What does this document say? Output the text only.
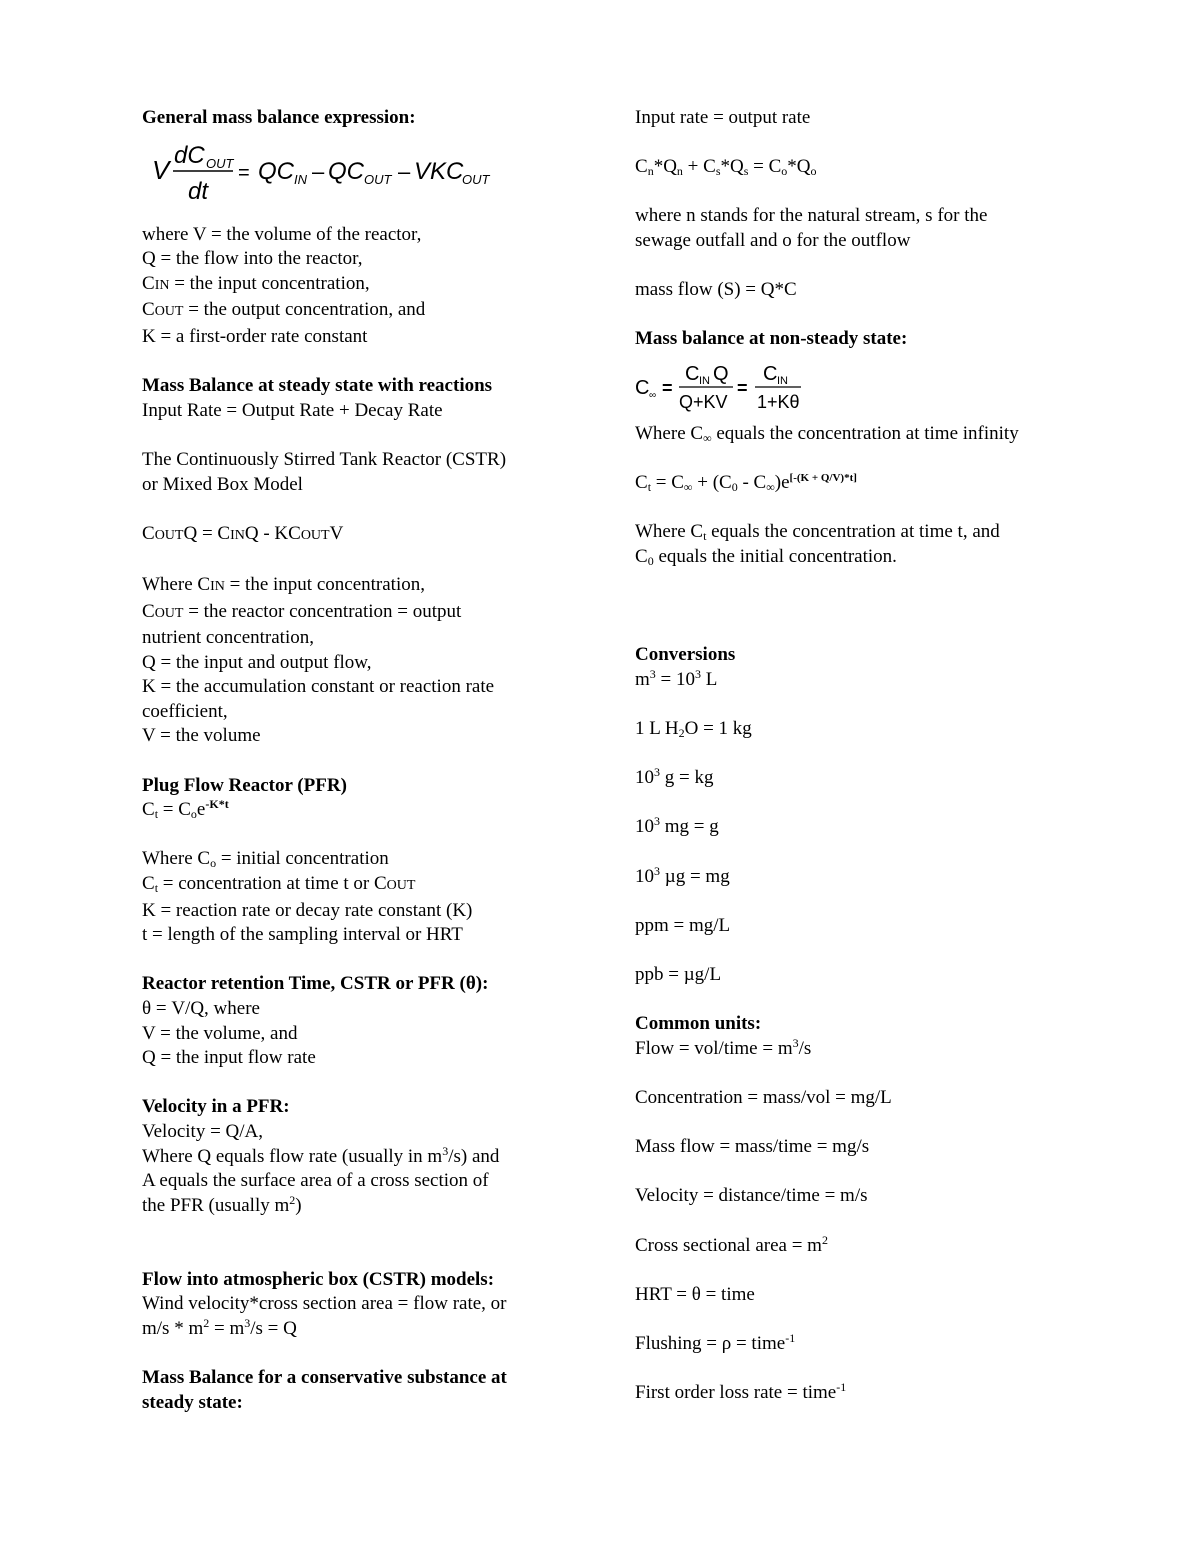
General mass balance expression:
V dC OUT
dt
= QC IN – QC OUT – VKC
OUT
where V = the volume of the reactor,
Q = the flow into the reactor,
CIN = the input concentration,
COUT = the output concentration, and
K = a first-order rate constant
Mass Balance at steady state with reactions
Input Rate = Output Rate + Decay Rate
The Continuously Stirred Tank Reactor (CSTR)
or Mixed Box Model
COUTQ = CINQ - KCOUTV
Where CIN = the input concentration,
COUT = the reactor concentration = output
nutrient concentration,
Q = the input and output flow,
K = the accumulation constant or reaction rate
coefficient,
V = the volume
Plug Flow Reactor (PFR)
$C_t = C_oe^{-K*t}$
Where $C_o$ = initial concentration
$C_t$ = concentration at time t or COUT
K = reaction rate or decay rate constant (K)
t = length of the sampling interval or HRT
Reactor retention Time, CSTR or PFR (θ):
θ = V/Q, where
V = the volume, and
Q = the input flow rate
Velocity in a PFR:
Velocity = Q/A,
Where Q equals flow rate (usually in $m^3/s$) and
A equals the surface area of a cross section of
the PFR (usually $m^2$)
Flow into atmospheric box (CSTR) models:
Wind velocity*cross section area = flow rate, or
$m/s * m^2 = m^3/s = Q$
Mass Balance for a conservative substance at
steady state:
Input rate = output rate
$C_n*Q_n + C_s*Q_s = C_o*Q_o$
where n stands for the natural stream, s for the
sewage outfall and o for the outflow
mass flow (S) = Q*C
Mass balance at non-steady state:
C ∞ =
C IN Q
Q+KV
=
C IN
1+Kθ
Where $C_\infty$ equals the concentration at time infinity
$C_t = C_\infty + (C_0 - C_\infty)e[-(K + Q/V)*t]$
Where $C_t$ equals the concentration at time t, and
$C_0$ equals the initial concentration.
Conversions
$m^3 = 10^3$ L
1 L $H_2O = 1$ kg
$10^3$ g = kg
$10^3$ mg = g
$10^3$ µg = mg
ppm = mg/L
ppb = µg/L
Common units:
Flow = vol/time = $m^3/s$
Concentration = mass/vol = mg/L
Mass flow = mass/time = mg/s
Velocity = distance/time = m/s
Cross sectional area = $m^2$
HRT = θ = time
Flushing = ρ = time$^{-1}$
First order loss rate = time$^{-1}$
